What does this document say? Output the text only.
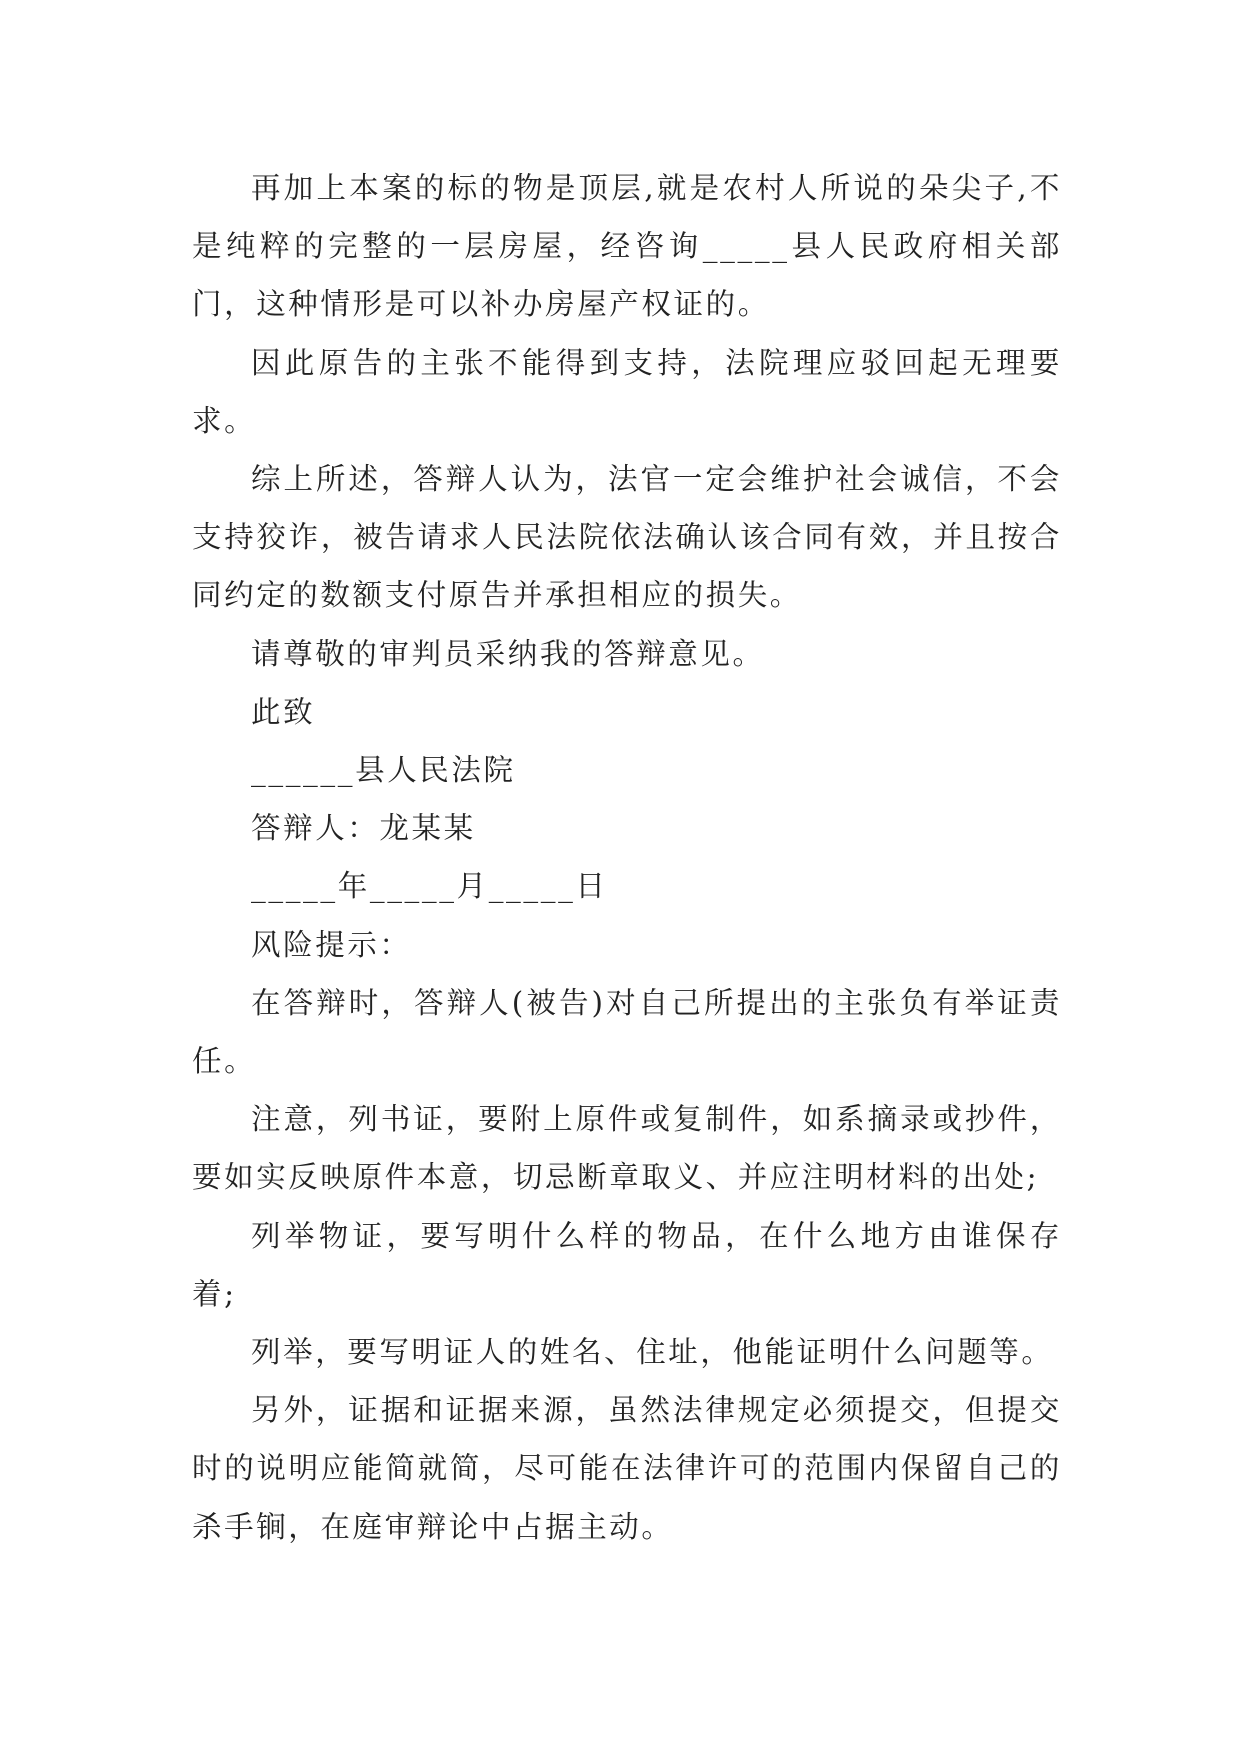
再加上本案的标的物是顶层,就是农村人所说的朵尖子,不是纯粹的完整的一层房屋，经咨询_____县人民政府相关部门，这种情形是可以补办房屋产权证的。

因此原告的主张不能得到支持，法院理应驳回起无理要求。

综上所述，答辩人认为，法官一定会维护社会诚信，不会支持狡诈，被告请求人民法院依法确认该合同有效，并且按合同约定的数额支付原告并承担相应的损失。

请尊敬的审判员采纳我的答辩意见。

此致

______县人民法院

答辩人：龙某某

_____年_____月_____日

风险提示：

在答辩时，答辩人(被告)对自己所提出的主张负有举证责任。

注意，列书证，要附上原件或复制件，如系摘录或抄件，要如实反映原件本意，切忌断章取义、并应注明材料的出处;

列举物证，要写明什么样的物品，在什么地方由谁保存着;

列举，要写明证人的姓名、住址，他能证明什么问题等。

另外，证据和证据来源，虽然法律规定必须提交，但提交时的说明应能简就简，尽可能在法律许可的范围内保留自己的杀手锏，在庭审辩论中占据主动。
